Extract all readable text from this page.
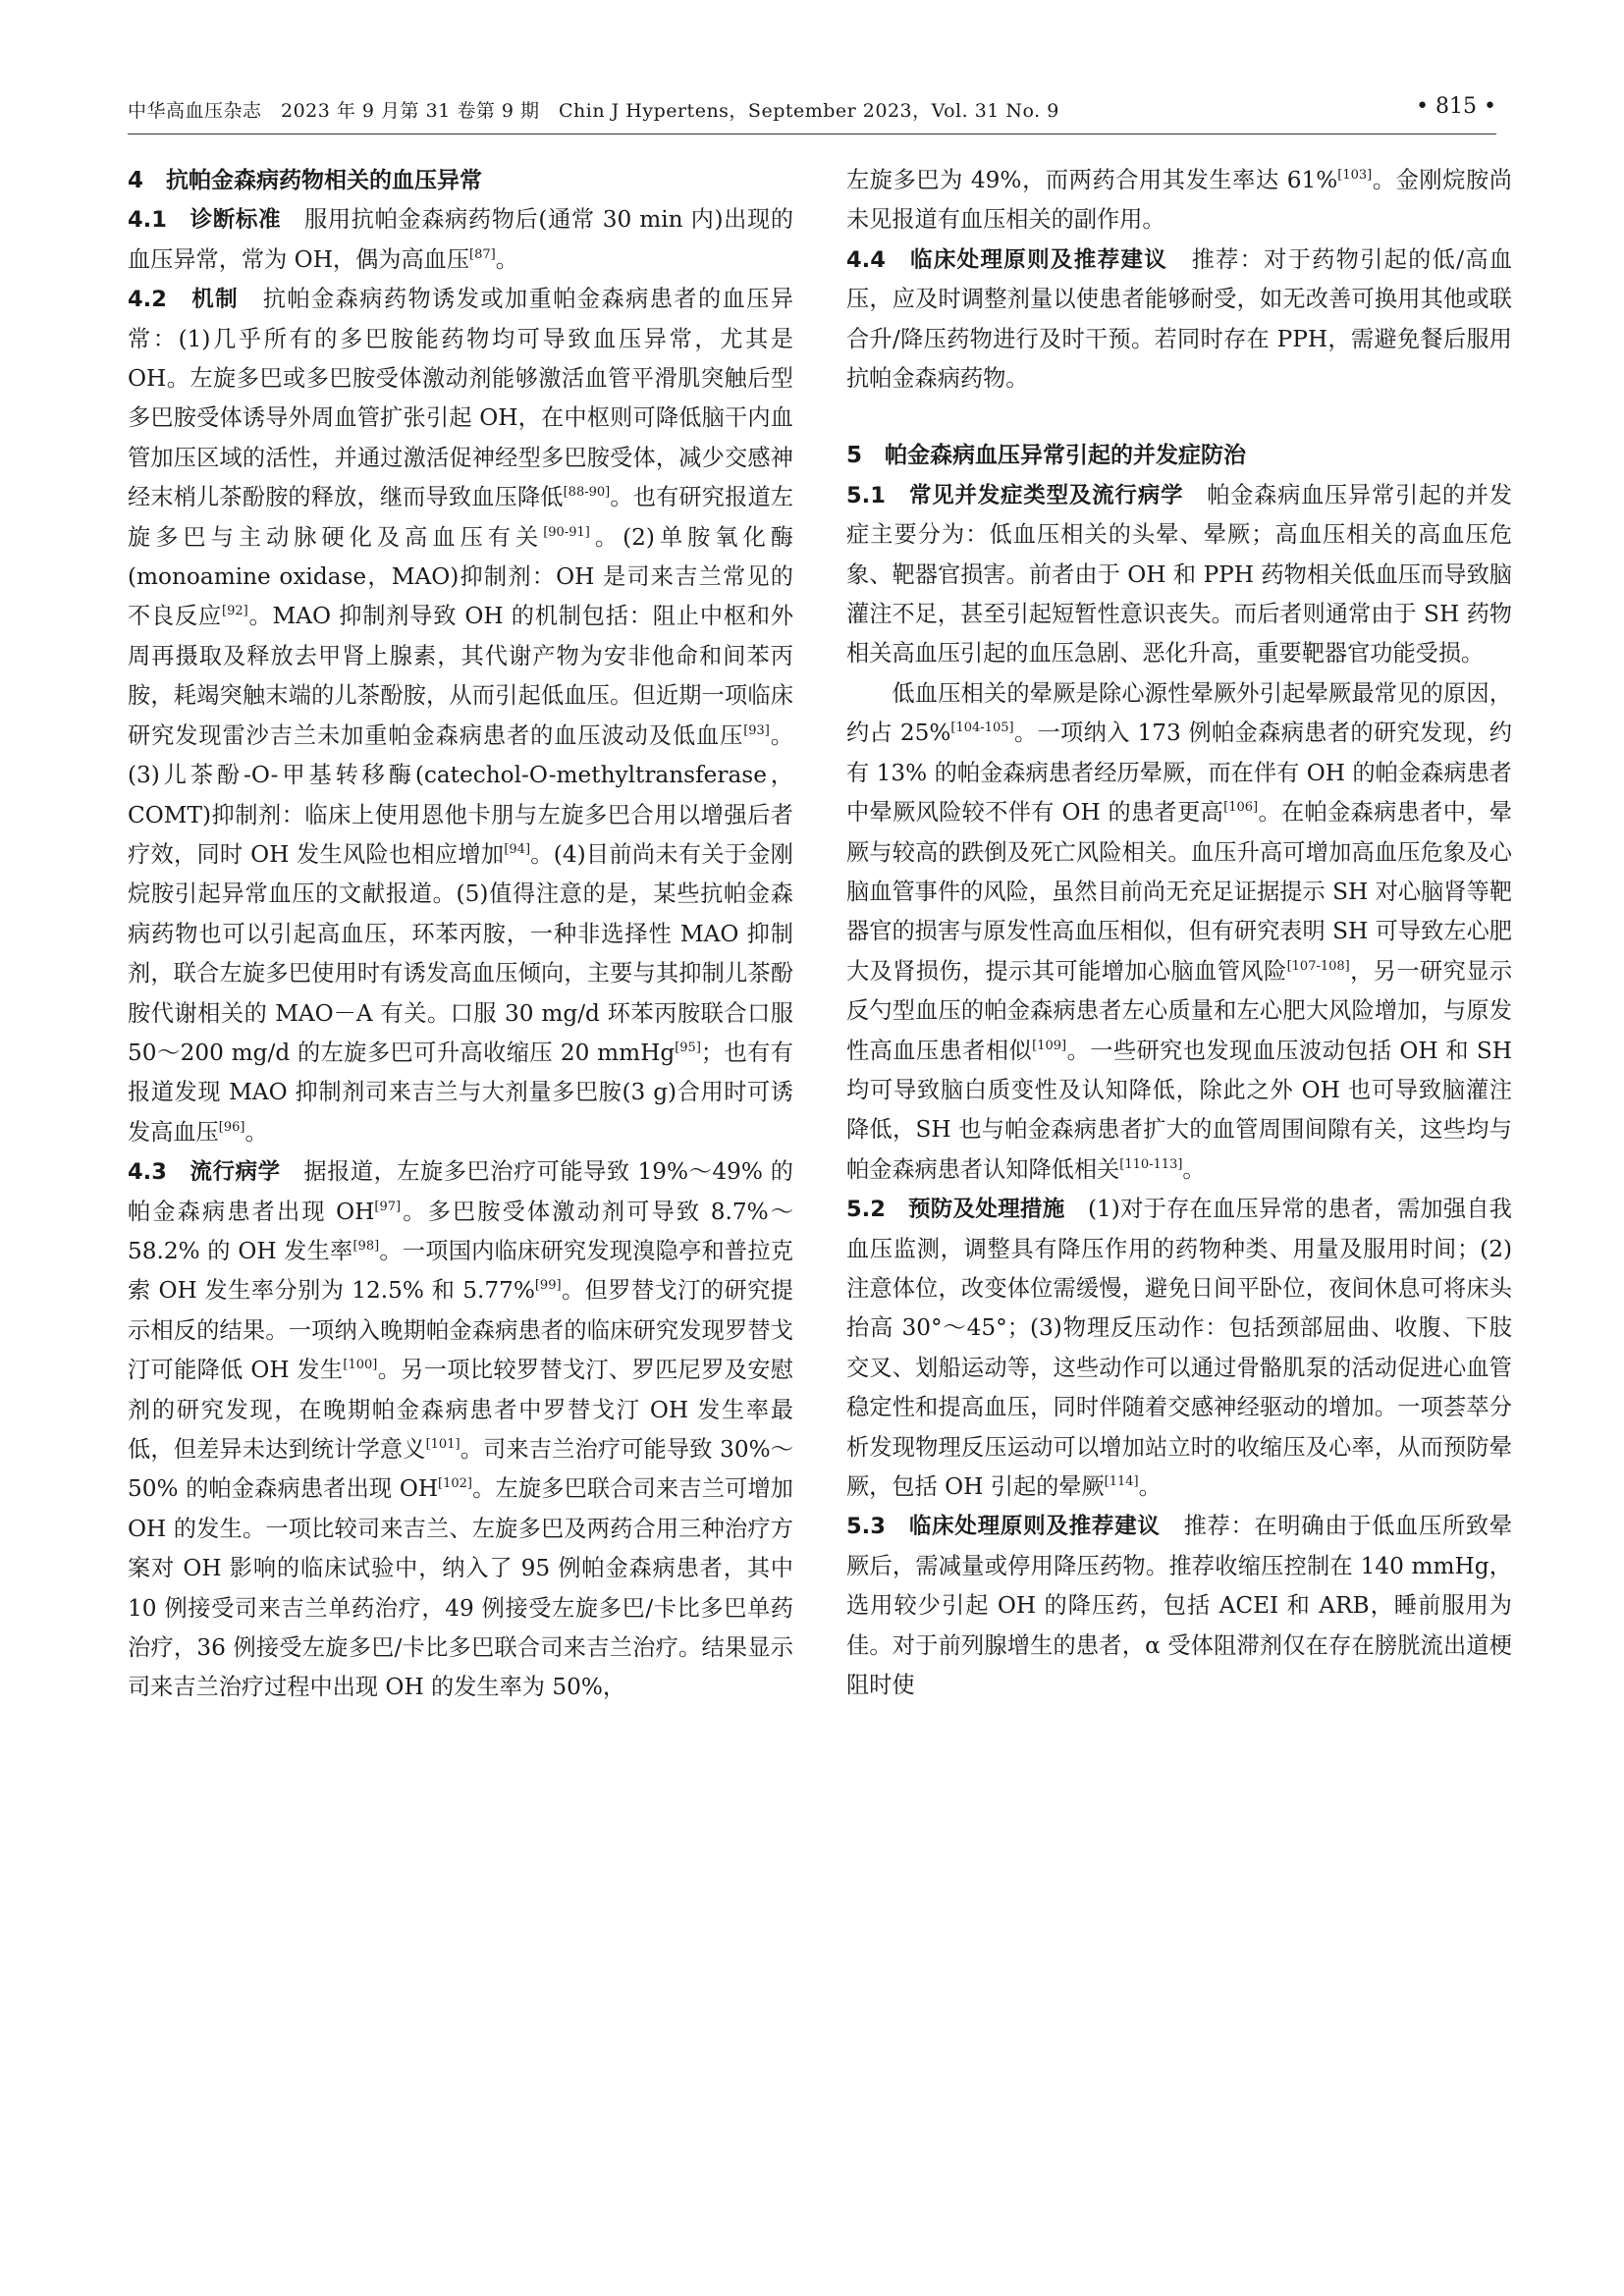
中华高血压杂志　2023 年 9 月第 31 卷第 9 期　Chin J Hypertens，September 2023，Vol. 31 No. 9	• 815 •

4　抗帕金森病药物相关的血压异常

4.1　诊断标准　服用抗帕金森病药物后(通常 30 min 内)出现的血压异常，常为 OH，偶为高血压[87]。

4.2　机制　抗帕金森病药物诱发或加重帕金森病患者的血压异常：(1)几乎所有的多巴胺能药物均可导致血压异常，尤其是 OH。左旋多巴或多巴胺受体激动剂能够激活血管平滑肌突触后型多巴胺受体诱导外周血管扩张引起 OH，在中枢则可降低脑干内血管加压区域的活性，并通过激活促神经型多巴胺受体，减少交感神经末梢儿茶酚胺的释放，继而导致血压降低[88-90]。也有研究报道左旋多巴与主动脉硬化及高血压有关[90-91]。(2)单胺氧化酶(monoamine oxidase，MAO)抑制剂：OH 是司来吉兰常见的不良反应[92]。MAO 抑制剂导致 OH 的机制包括：阻止中枢和外周再摄取及释放去甲肾上腺素，其代谢产物为安非他命和间苯丙胺，耗竭突触末端的儿茶酚胺，从而引起低血压。但近期一项临床研究发现雷沙吉兰未加重帕金森病患者的血压波动及低血压[93]。(3)儿茶酚-O-甲基转移酶(catechol-O-methyltransferase，COMT)抑制剂：临床上使用恩他卡朋与左旋多巴合用以增强后者疗效，同时 OH 发生风险也相应增加[94]。(4)目前尚未有关于金刚烷胺引起异常血压的文献报道。(5)值得注意的是，某些抗帕金森病药物也可以引起高血压，环苯丙胺，一种非选择性 MAO 抑制剂，联合左旋多巴使用时有诱发高血压倾向，主要与其抑制儿茶酚胺代谢相关的 MAO－A 有关。口服 30 mg/d 环苯丙胺联合口服 50～200 mg/d 的左旋多巴可升高收缩压 20 mmHg[95]；也有有报道发现 MAO 抑制剂司来吉兰与大剂量多巴胺(3 g)合用时可诱发高血压[96]。

4.3　流行病学　据报道，左旋多巴治疗可能导致 19%～49% 的帕金森病患者出现 OH[97]。多巴胺受体激动剂可导致 8.7%～58.2% 的 OH 发生率[98]。一项国内临床研究发现溴隐亭和普拉克索 OH 发生率分别为 12.5% 和 5.77%[99]。但罗替戈汀的研究提示相反的结果。一项纳入晚期帕金森病患者的临床研究发现罗替戈汀可能降低 OH 发生[100]。另一项比较罗替戈汀、罗匹尼罗及安慰剂的研究发现，在晚期帕金森病患者中罗替戈汀 OH 发生率最低，但差异未达到统计学意义[101]。司来吉兰治疗可能导致 30%～50% 的帕金森病患者出现 OH[102]。左旋多巴联合司来吉兰可增加 OH 的发生。一项比较司来吉兰、左旋多巴及两药合用三种治疗方案对 OH 影响的临床试验中，纳入了 95 例帕金森病患者，其中 10 例接受司来吉兰单药治疗，49 例接受左旋多巴/卡比多巴单药治疗，36 例接受左旋多巴/卡比多巴联合司来吉兰治疗。结果显示司来吉兰治疗过程中出现 OH 的发生率为 50%，

左旋多巴为 49%，而两药合用其发生率达 61%[103]。金刚烷胺尚未见报道有血压相关的副作用。

4.4　临床处理原则及推荐建议　推荐：对于药物引起的低/高血压，应及时调整剂量以使患者能够耐受，如无改善可换用其他或联合升/降压药物进行及时干预。若同时存在 PPH，需避免餐后服用抗帕金森病药物。

5　帕金森病血压异常引起的并发症防治

5.1　常见并发症类型及流行病学　帕金森病血压异常引起的并发症主要分为：低血压相关的头晕、晕厥；高血压相关的高血压危象、靶器官损害。前者由于 OH 和 PPH 药物相关低血压而导致脑灌注不足，甚至引起短暂性意识丧失。而后者则通常由于 SH 药物相关高血压引起的血压急剧、恶化升高，重要靶器官功能受损。

低血压相关的晕厥是除心源性晕厥外引起晕厥最常见的原因，约占 25%[104-105]。一项纳入 173 例帕金森病患者的研究发现，约有 13% 的帕金森病患者经历晕厥，而在伴有 OH 的帕金森病患者中晕厥风险较不伴有 OH 的患者更高[106]。在帕金森病患者中，晕厥与较高的跌倒及死亡风险相关。血压升高可增加高血压危象及心脑血管事件的风险，虽然目前尚无充足证据提示 SH 对心脑肾等靶器官的损害与原发性高血压相似，但有研究表明 SH 可导致左心肥大及肾损伤，提示其可能增加心脑血管风险[107-108]，另一研究显示反勺型血压的帕金森病患者左心质量和左心肥大风险增加，与原发性高血压患者相似[109]。一些研究也发现血压波动包括 OH 和 SH 均可导致脑白质变性及认知降低，除此之外 OH 也可导致脑灌注降低，SH 也与帕金森病患者扩大的血管周围间隙有关，这些均与帕金森病患者认知降低相关[110-113]。

5.2　预防及处理措施　(1)对于存在血压异常的患者，需加强自我血压监测，调整具有降压作用的药物种类、用量及服用时间；(2)注意体位，改变体位需缓慢，避免日间平卧位，夜间休息可将床头抬高 30°～45°；(3)物理反压动作：包括颈部屈曲、收腹、下肢交叉、划船运动等，这些动作可以通过骨骼肌泵的活动促进心血管稳定性和提高血压，同时伴随着交感神经驱动的增加。一项荟萃分析发现物理反压运动可以增加站立时的收缩压及心率，从而预防晕厥，包括 OH 引起的晕厥[114]。

5.3　临床处理原则及推荐建议　推荐：在明确由于低血压所致晕厥后，需减量或停用降压药物。推荐收缩压控制在 140 mmHg，选用较少引起 OH 的降压药，包括 ACEI 和 ARB，睡前服用为佳。对于前列腺增生的患者，α 受体阻滞剂仅在存在膀胱流出道梗阻时使
